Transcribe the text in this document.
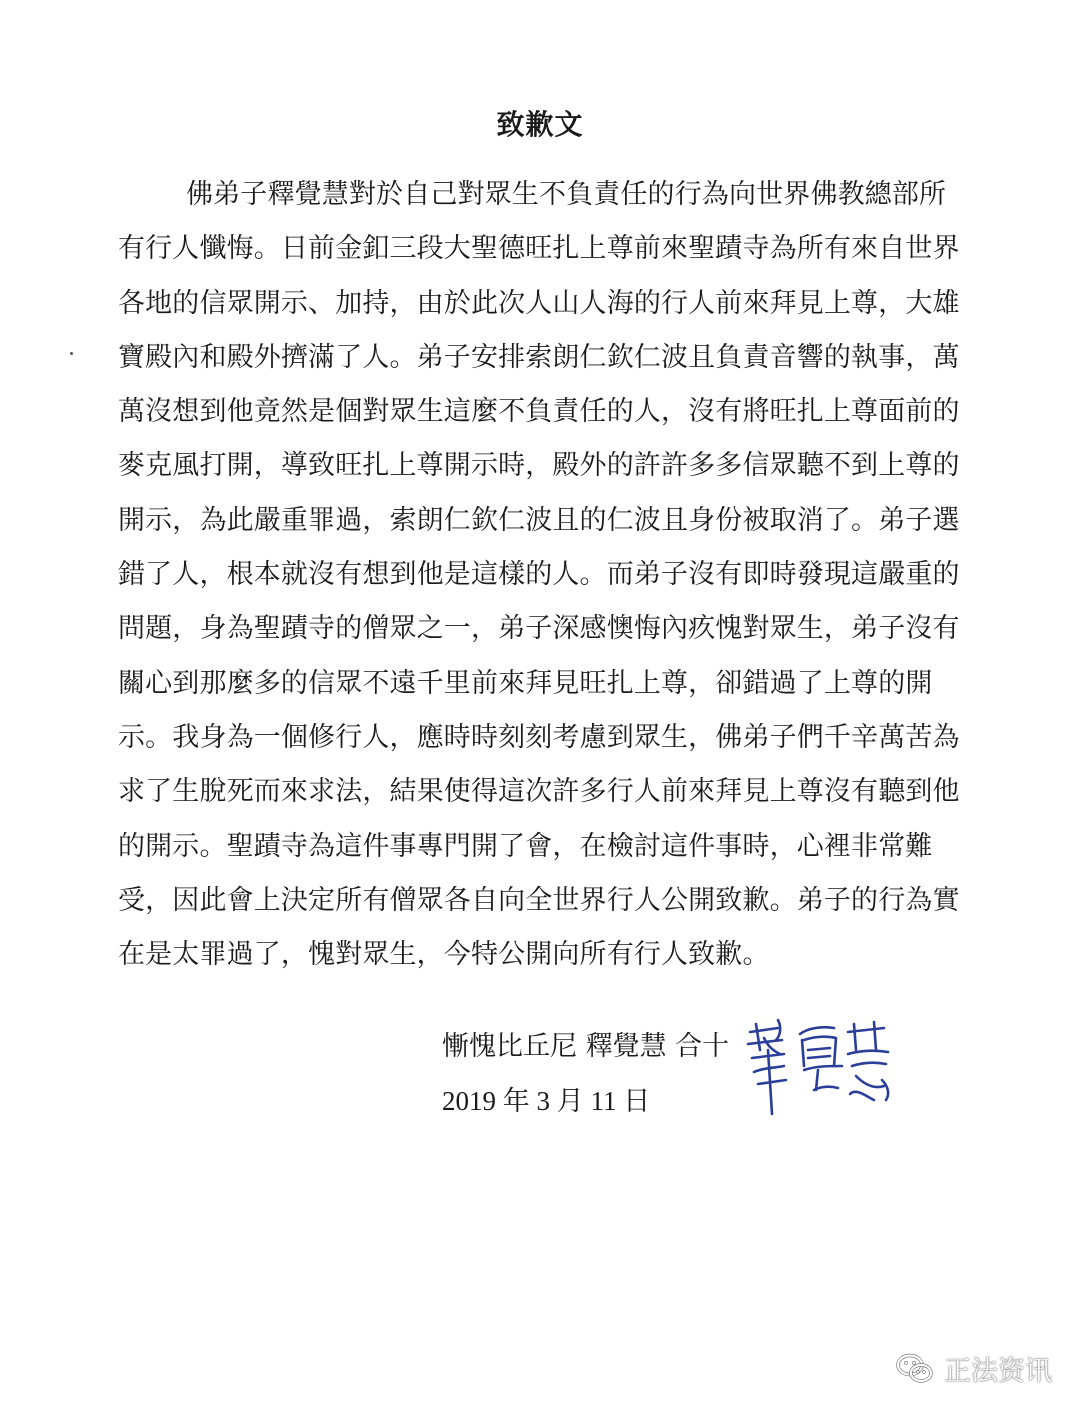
致歉文
佛弟子釋覺慧對於自己對眾生不負責任的行為向世界佛教總部所
有行人懺悔。日前金釦三段大聖德旺扎上尊前來聖蹟寺為所有來自世界
各地的信眾開示、加持，由於此次人山人海的行人前來拜見上尊，大雄
寶殿內和殿外擠滿了人。弟子安排索朗仁欽仁波且負責音響的執事，萬
萬沒想到他竟然是個對眾生這麼不負責任的人，沒有將旺扎上尊面前的
麥克風打開，導致旺扎上尊開示時，殿外的許許多多信眾聽不到上尊的
開示，為此嚴重罪過，索朗仁欽仁波且的仁波且身份被取消了。弟子選
錯了人，根本就沒有想到他是這樣的人。而弟子沒有即時發現這嚴重的
問題，身為聖蹟寺的僧眾之一，弟子深感懊悔內疚愧對眾生，弟子沒有
關心到那麼多的信眾不遠千里前來拜見旺扎上尊，卻錯過了上尊的開
示。我身為一個修行人，應時時刻刻考慮到眾生，佛弟子們千辛萬苦為
求了生脫死而來求法，結果使得這次許多行人前來拜見上尊沒有聽到他
的開示。聖蹟寺為這件事專門開了會，在檢討這件事時，心裡非常難
受，因此會上決定所有僧眾各自向全世界行人公開致歉。弟子的行為實
在是太罪過了，愧對眾生，今特公開向所有行人致歉。
慚愧比丘尼 釋覺慧 合十
2019 年 3 月 11 日
正法资讯
